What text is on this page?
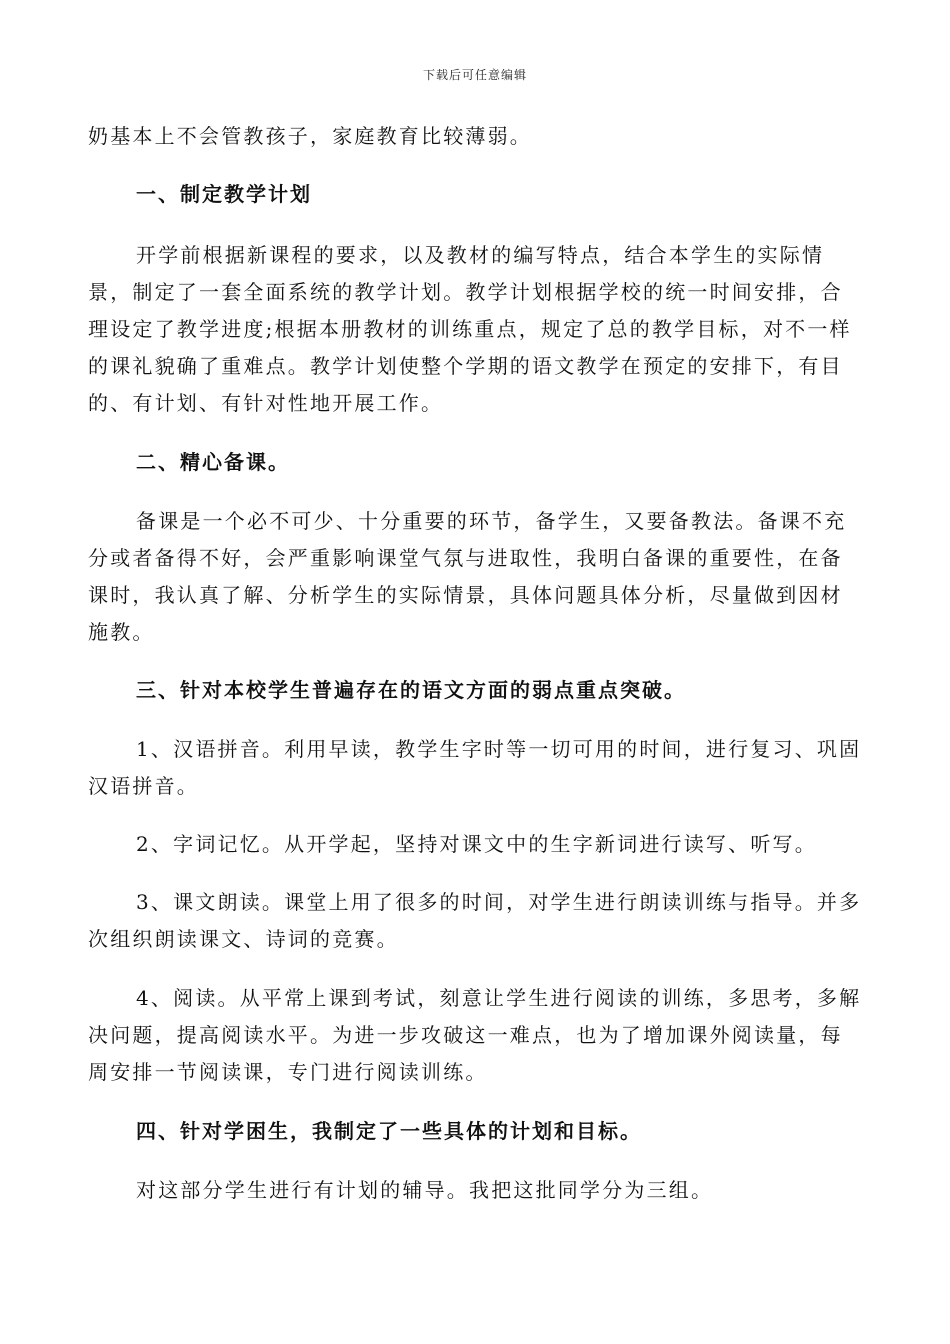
下载后可任意编辑

奶基本上不会管教孩子，家庭教育比较薄弱。

一、制定教学计划

开学前根据新课程的要求，以及教材的编写特点，结合本学生的实际情景，制定了一套全面系统的教学计划。教学计划根据学校的统一时间安排，合理设定了教学进度;根据本册教材的训练重点，规定了总的教学目标，对不一样的课礼貌确了重难点。教学计划使整个学期的语文教学在预定的安排下，有目的、有计划、有针对性地开展工作。

二、精心备课。

备课是一个必不可少、十分重要的环节，备学生，又要备教法。备课不充分或者备得不好，会严重影响课堂气氛与进取性，我明白备课的重要性，在备课时，我认真了解、分析学生的实际情景，具体问题具体分析，尽量做到因材施教。

三、针对本校学生普遍存在的语文方面的弱点重点突破。

1、汉语拼音。利用早读，教学生字时等一切可用的时间，进行复习、巩固汉语拼音。

2、字词记忆。从开学起，坚持对课文中的生字新词进行读写、听写。

3、课文朗读。课堂上用了很多的时间，对学生进行朗读训练与指导。并多次组织朗读课文、诗词的竞赛。

4、阅读。从平常上课到考试，刻意让学生进行阅读的训练，多思考，多解决问题，提高阅读水平。为进一步攻破这一难点，也为了增加课外阅读量，每周安排一节阅读课，专门进行阅读训练。

四、针对学困生，我制定了一些具体的计划和目标。

对这部分学生进行有计划的辅导。我把这批同学分为三组。
